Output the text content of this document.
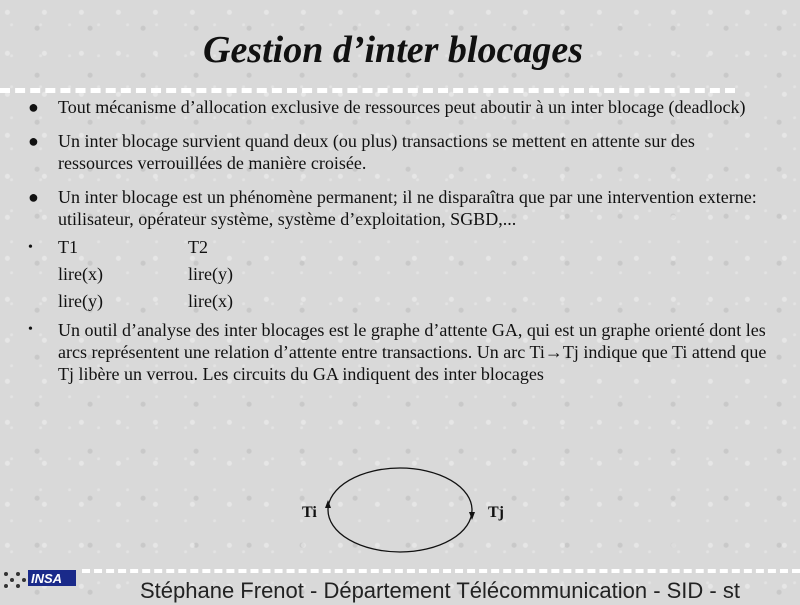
Gestion d’inter blocages
● Tout mécanisme d’allocation exclusive de ressources peut aboutir à un inter blocage (deadlock)
● Un inter blocage survient quand deux (ou plus) transactions se mettent en attente sur des ressources verrouillées de manière croisée.
● Un inter blocage est un phénomène permanent; il ne disparaîtra que par une intervention externe: utilisateur, opérateur système, système d’exploitation, SGBD,...
• T1	T2
lire(x)	lire(y)
lire(y)	lire(x)
• Un outil d’analyse des inter blocages est le graphe d’attente GA, qui est un graphe orienté dont les arcs représentent une relation d’attente entre transactions. Un arc Ti→Tj indique que Ti attend que Tj libère un verrou. Les circuits du GA indiquent des inter blocages
Ti	Tj
INSA	Stéphane Frenot - Département Télécommunication - SID - st
